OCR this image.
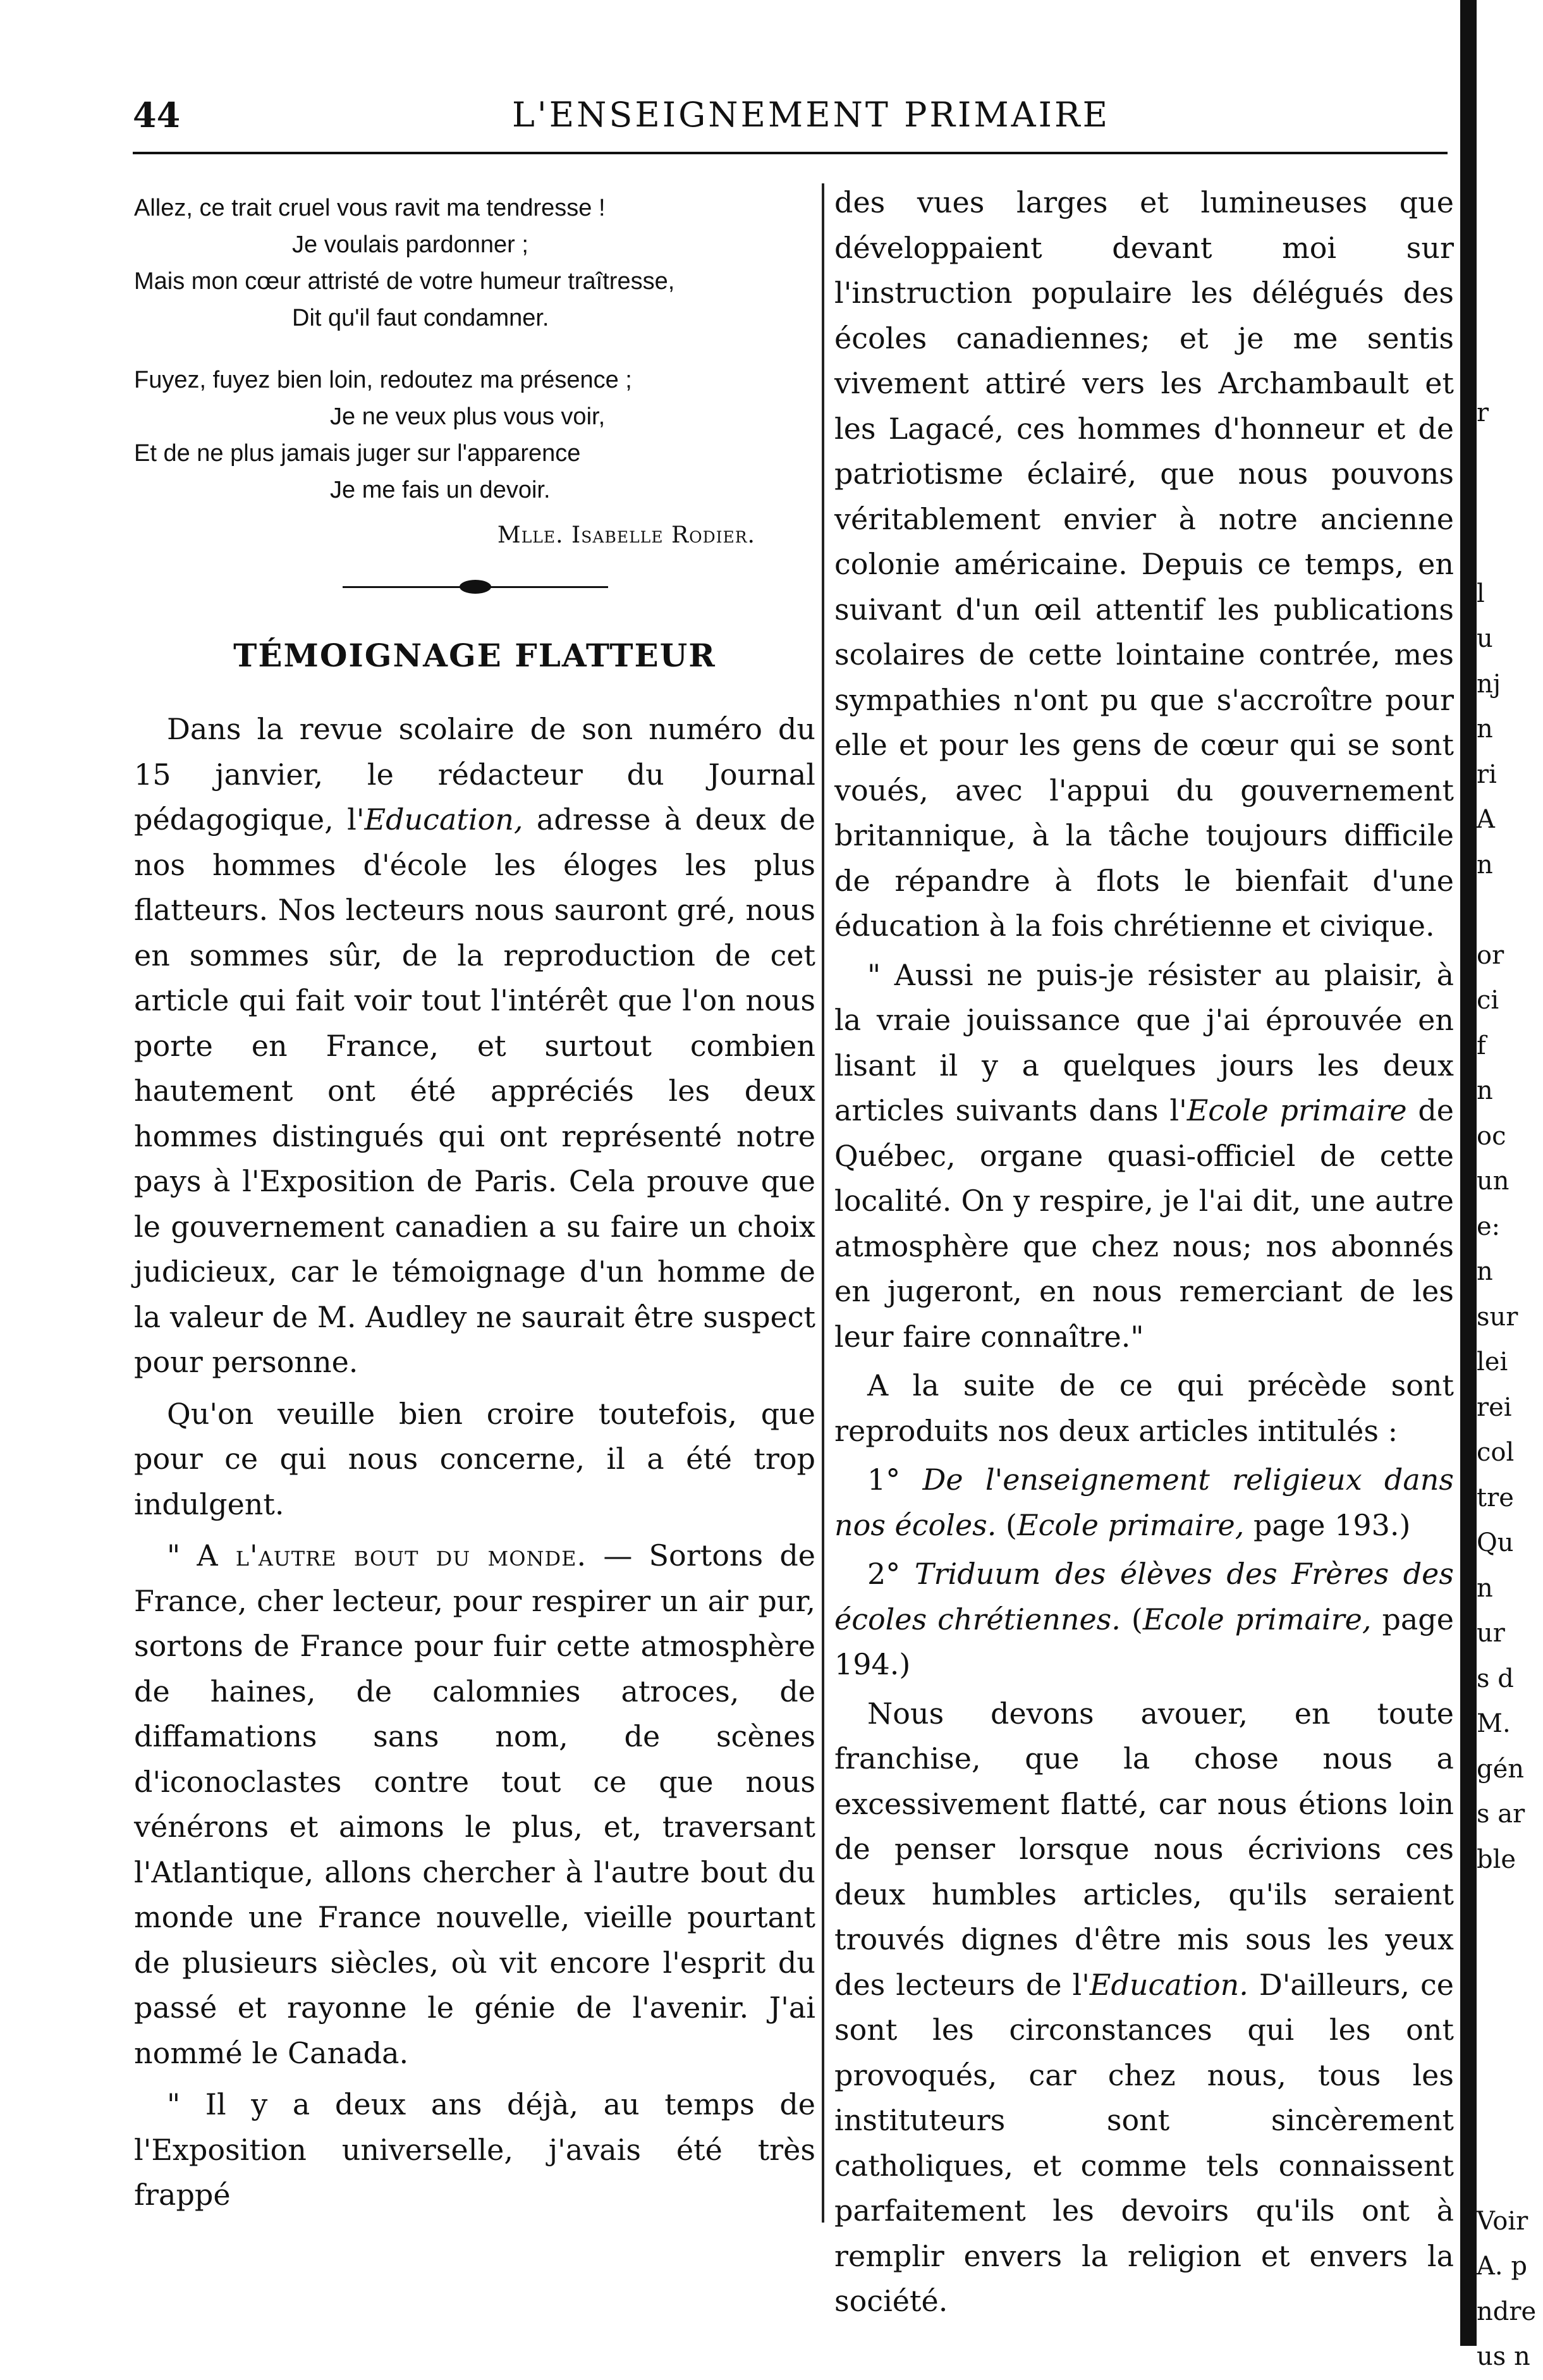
44	L'ENSEIGNEMENT PRIMAIRE
r
l
u
nj
n
ri
A
n
or
ci
f
n
oc
un
e:
n
sur
lei
rei
col
tre
Qu
n
ur
s d
M.
gén
s ar
ble
Voir
A. p
ndre
us n
Allez, ce trait cruel vous ravit ma tendresse !
Je voulais pardonner ;
Mais mon cœur attristé de votre humeur traîtresse,
Dit qu'il faut condamner.
Fuyez, fuyez bien loin, redoutez ma présence ;
Je ne veux plus vous voir,
Et de ne plus jamais juger sur l'apparence
Je me fais un devoir.
Mlle. Isabelle Rodier.
TÉMOIGNAGE FLATTEUR

Dans la revue scolaire de son numéro du 15 janvier, le rédacteur du Journal pédagogique, l'Education, adresse à deux de nos hommes d'école les éloges les plus flatteurs. Nos lecteurs nous sauront gré, nous en sommes sûr, de la reproduction de cet article qui fait voir tout l'intérêt que l'on nous porte en France, et surtout combien hautement ont été appréciés les deux hommes distingués qui ont représenté notre pays à l'Exposition de Paris. Cela prouve que le gouvernement canadien a su faire un choix judicieux, car le témoignage d'un homme de la valeur de M. Audley ne saurait être suspect pour personne.

Qu'on veuille bien croire toutefois, que pour ce qui nous concerne, il a été trop indulgent.

" A l'autre bout du monde. — Sortons de France, cher lecteur, pour respirer un air pur, sortons de France pour fuir cette atmosphère de haines, de calomnies atroces, de diffamations sans nom, de scènes d'iconoclastes contre tout ce que nous vénérons et aimons le plus, et, traversant l'Atlantique, allons chercher à l'autre bout du monde une France nouvelle, vieille pourtant de plusieurs siècles, où vit encore l'esprit du passé et rayonne le génie de l'avenir. J'ai nommé le Canada.

" Il y a deux ans déjà, au temps de l'Exposition universelle, j'avais été très frappé

des vues larges et lumineuses que développaient devant moi sur l'instruction populaire les délégués des écoles canadiennes; et je me sentis vivement attiré vers les Archambault et les Lagacé, ces hommes d'honneur et de patriotisme éclairé, que nous pouvons véritablement envier à notre ancienne colonie américaine. Depuis ce temps, en suivant d'un œil attentif les publications scolaires de cette lointaine contrée, mes sympathies n'ont pu que s'accroître pour elle et pour les gens de cœur qui se sont voués, avec l'appui du gouvernement britannique, à la tâche toujours difficile de répandre à flots le bienfait d'une éducation à la fois chrétienne et civique.

" Aussi ne puis-je résister au plaisir, à la vraie jouissance que j'ai éprouvée en lisant il y a quelques jours les deux articles suivants dans l'Ecole primaire de Québec, organe quasi-officiel de cette localité. On y respire, je l'ai dit, une autre atmosphère que chez nous; nos abonnés en jugeront, en nous remerciant de les leur faire connaître."

A la suite de ce qui précède sont reproduits nos deux articles intitulés :

1° De l'enseignement religieux dans nos écoles. (Ecole primaire, page 193.)

2° Triduum des élèves des Frères des écoles chrétiennes. (Ecole primaire, page 194.)

Nous devons avouer, en toute franchise, que la chose nous a excessivement flatté, car nous étions loin de penser lorsque nous écrivions ces deux humbles articles, qu'ils seraient trouvés dignes d'être mis sous les yeux des lecteurs de l'Education. D'ailleurs, ce sont les circonstances qui les ont provoqués, car chez nous, tous les instituteurs sont sincèrement catholiques, et comme tels connaissent parfaitement les devoirs qu'ils ont à remplir envers la religion et envers la société.
